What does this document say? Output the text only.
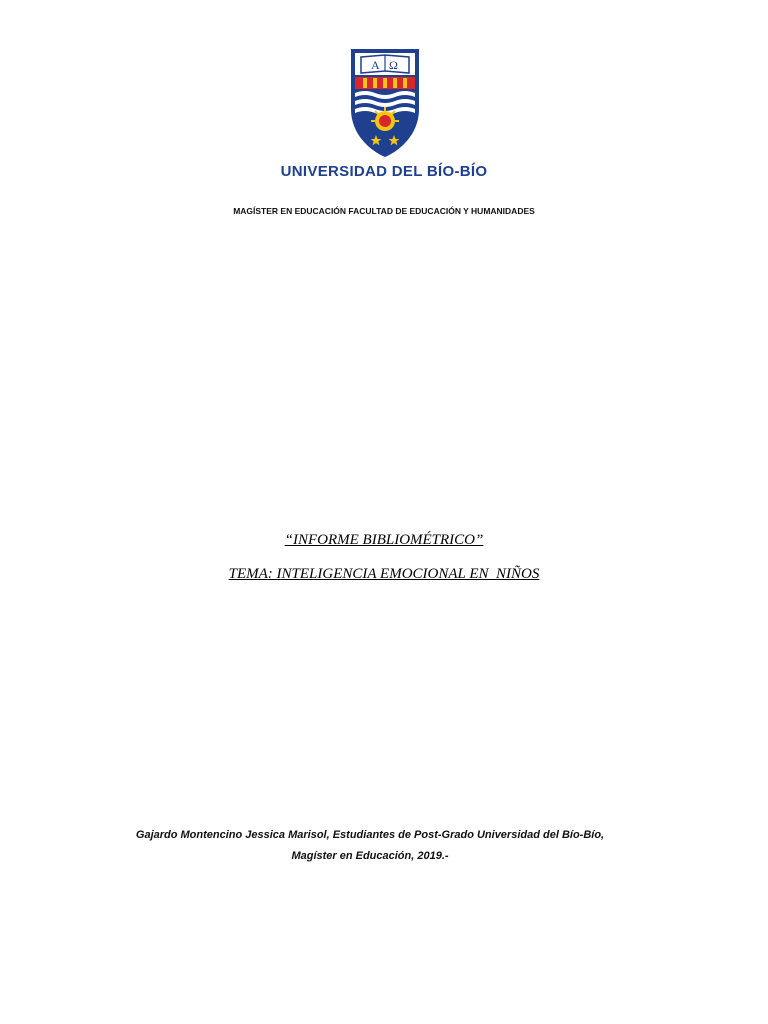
A Ω
UNIVERSIDAD DEL BÍO-BÍO
MAGÍSTER EN EDUCACIÓN FACULTAD DE EDUCACIÓN Y HUMANIDADES
“INFORME BIBLIOMÉTRICO”
TEMA: INTELIGENCIA EMOCIONAL EN  NIÑOS
Gajardo Montencino Jessica Marisol, Estudiantes de Post-Grado Universidad del Bío-Bío,
Magíster en Educación, 2019.-
